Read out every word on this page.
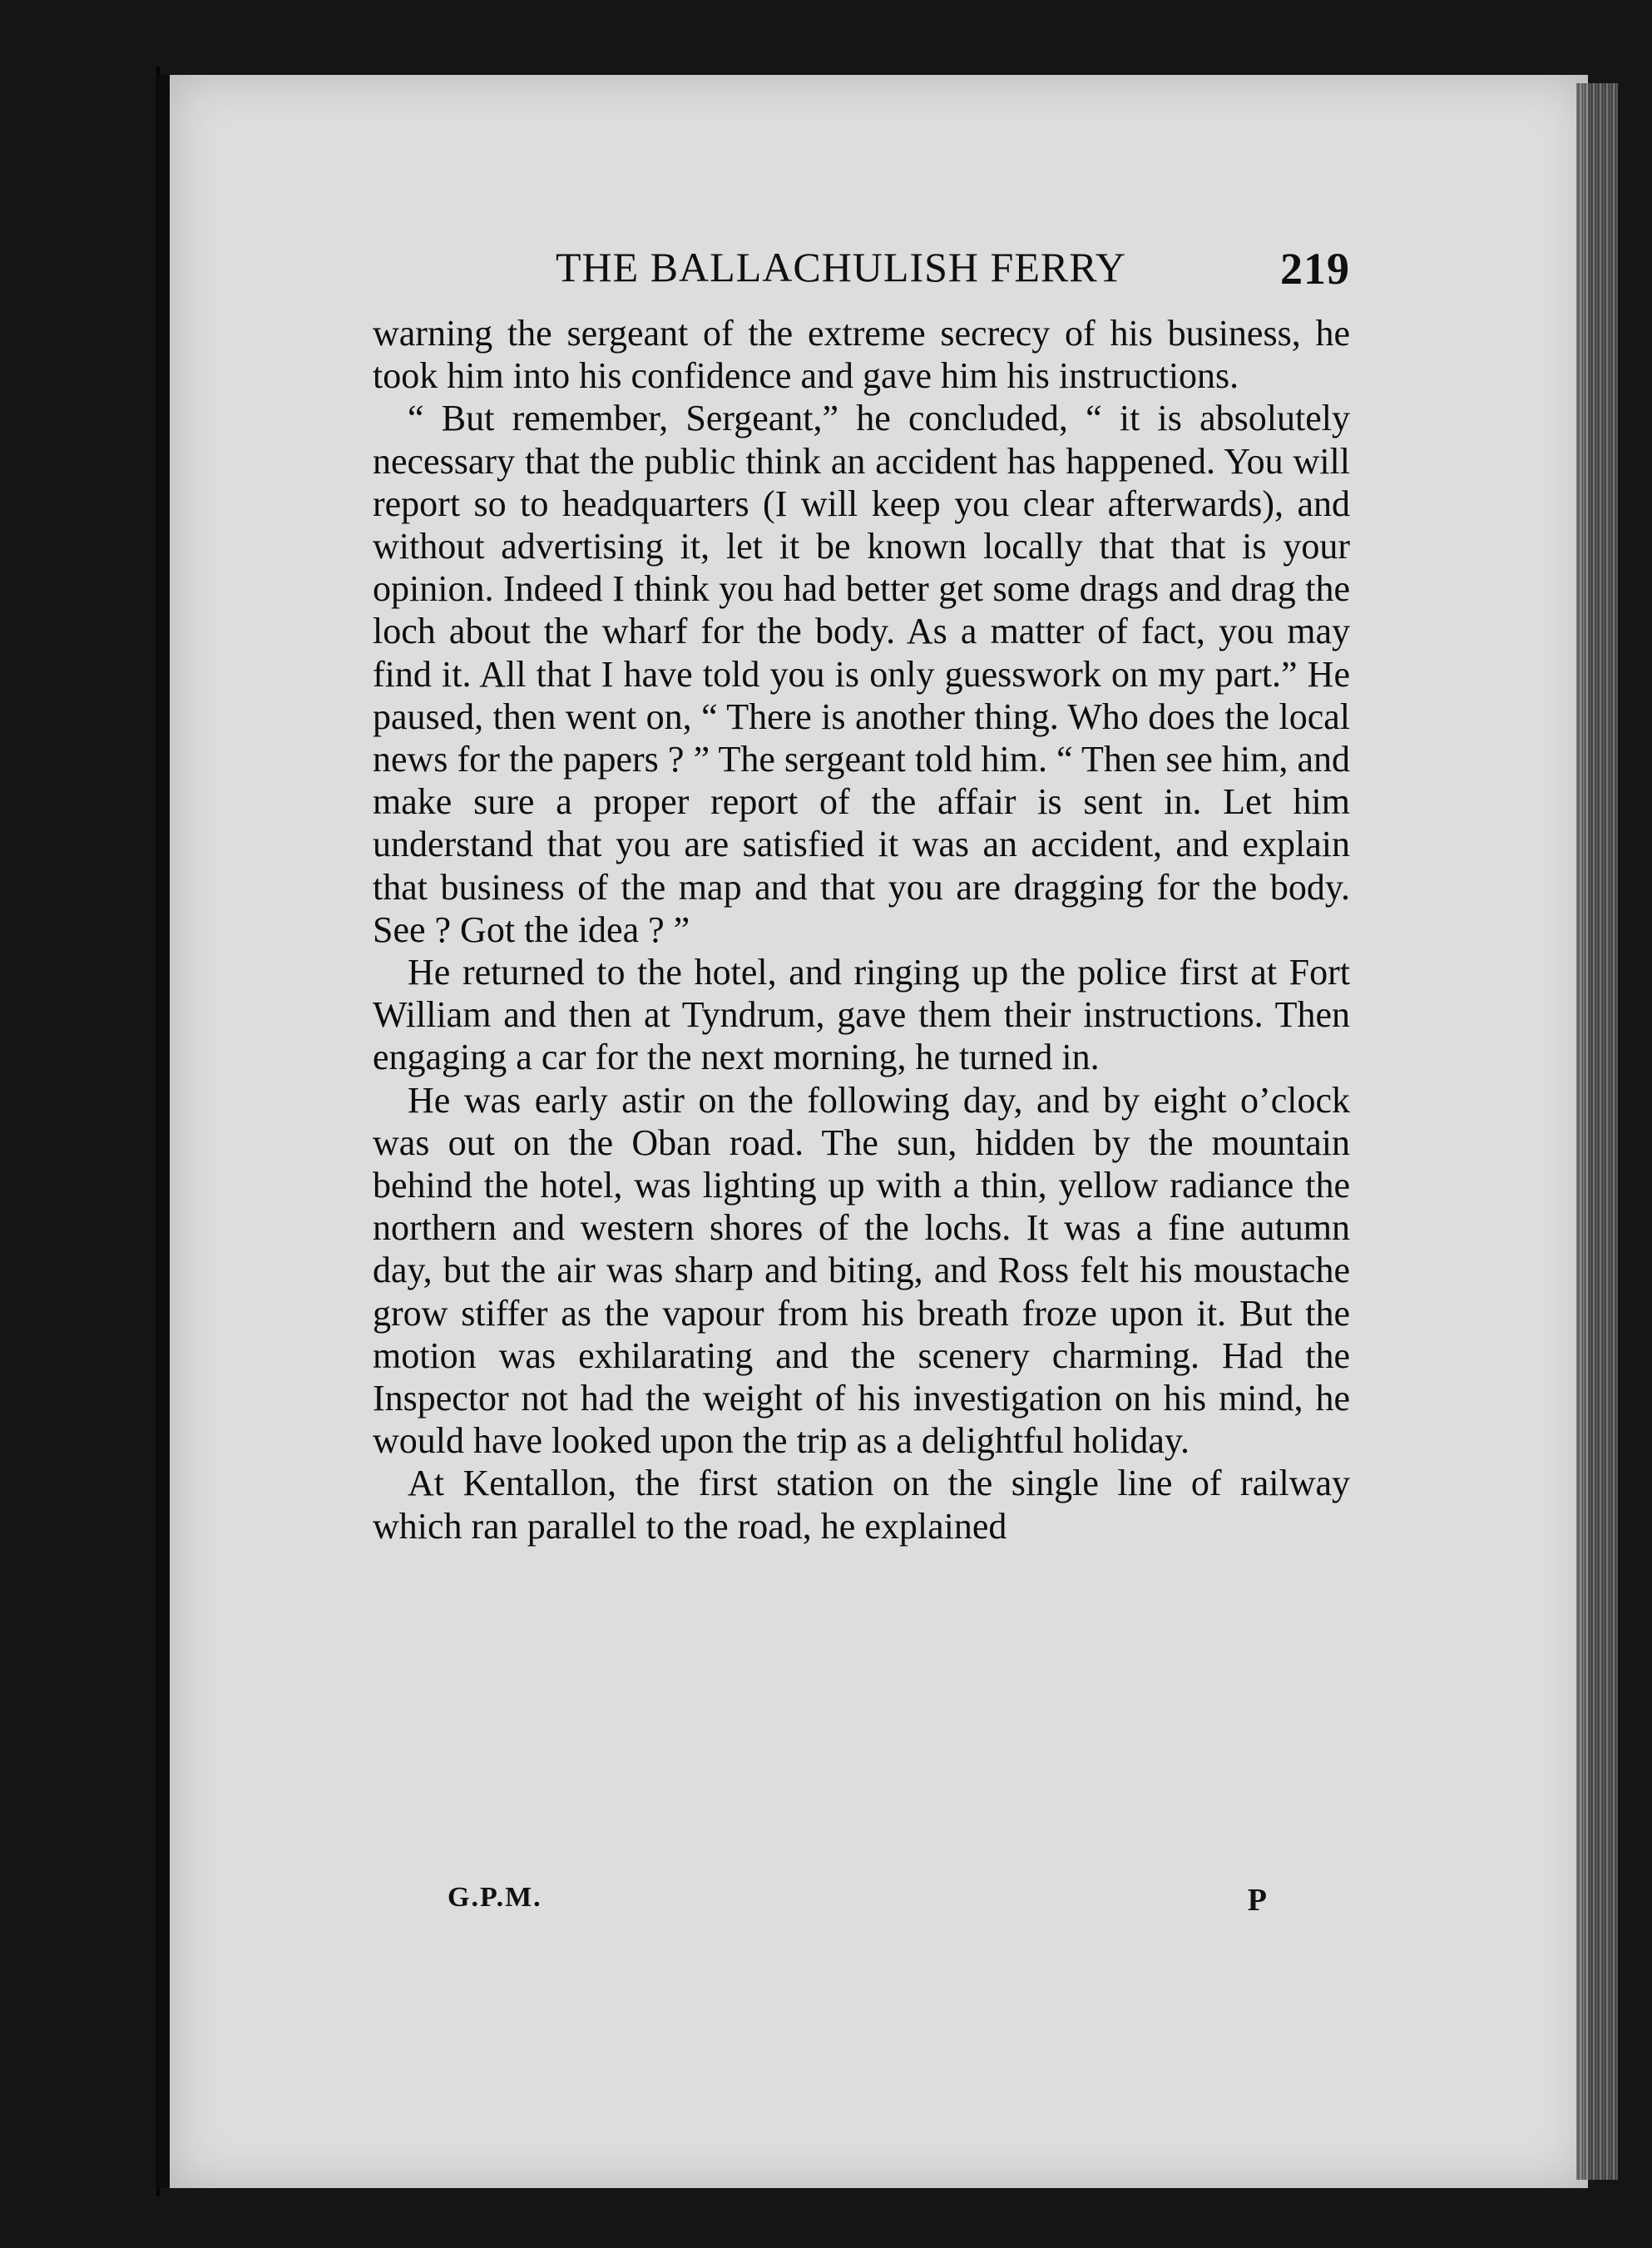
THE BALLACHULISH FERRY	219

warning the sergeant of the extreme secrecy of his business, he took him into his confidence and gave him his instructions.

“ But remember, Sergeant,” he concluded, “ it is absolutely necessary that the public think an accident has happened. You will report so to headquarters (I will keep you clear afterwards), and without advertising it, let it be known locally that that is your opinion. Indeed I think you had better get some drags and drag the loch about the wharf for the body. As a matter of fact, you may find it. All that I have told you is only guesswork on my part.” He paused, then went on, “ There is another thing. Who does the local news for the papers ? ” The sergeant told him. “ Then see him, and make sure a proper report of the affair is sent in. Let him understand that you are satisfied it was an accident, and explain that business of the map and that you are dragging for the body. See ? Got the idea ? ”

He returned to the hotel, and ringing up the police first at Fort William and then at Tyndrum, gave them their instructions. Then engaging a car for the next morning, he turned in.

He was early astir on the following day, and by eight o’clock was out on the Oban road. The sun, hidden by the mountain behind the hotel, was lighting up with a thin, yellow radiance the northern and western shores of the lochs. It was a fine autumn day, but the air was sharp and biting, and Ross felt his moustache grow stiffer as the vapour from his breath froze upon it. But the motion was exhilarating and the scenery charming. Had the Inspector not had the weight of his investigation on his mind, he would have looked upon the trip as a delightful holiday.

At Kentallon, the first station on the single line of railway which ran parallel to the road, he explained

G.P.M.	P
